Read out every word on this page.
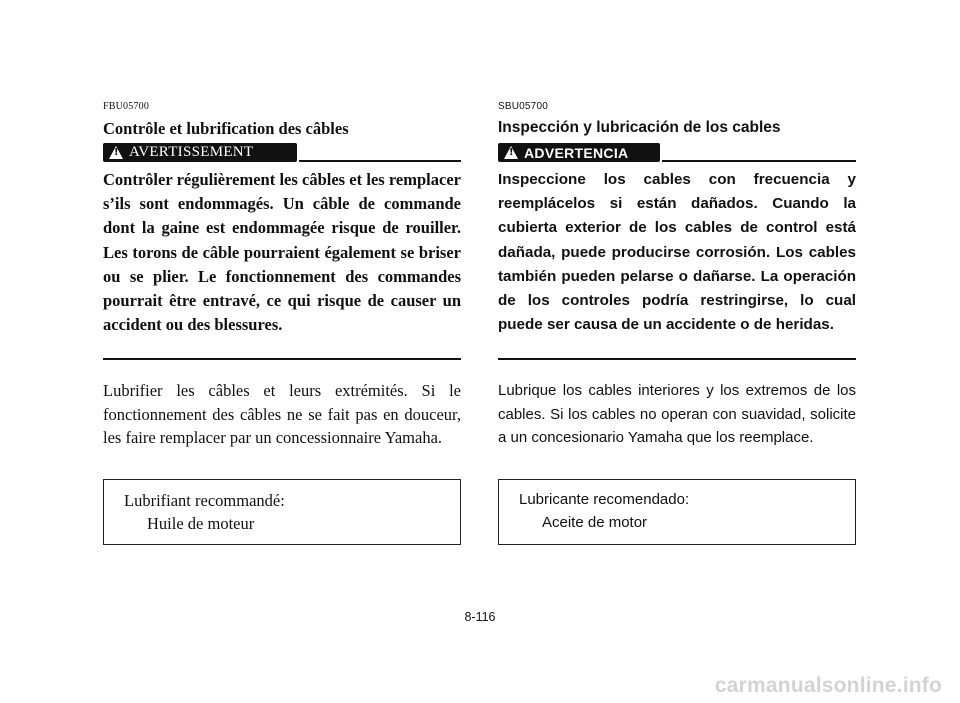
FBU05700
Contrôle et lubrification des câbles
! AVERTISSEMENT

Contrôler régulièrement les câbles et les remplacer s’ils sont endommagés. Un câble de commande dont la gaine est endommagée risque de rouiller. Les torons de câble pourraient également se briser ou se plier. Le fonctionnement des commandes pourrait être entravé, ce qui risque de causer un accident ou des blessures.

Lubrifier les câbles et leurs extrémités. Si le fonctionnement des câbles ne se fait pas en douceur, les faire remplacer par un concessionnaire Yamaha.

Lubrifiant recommandé:
Huile de moteur
SBU05700
Inspección y lubricación de los cables
! ADVERTENCIA

Inspeccione los cables con frecuencia y reemplácelos si están dañados. Cuando la cubierta exterior de los cables de control está dañada, puede producirse corrosión. Los cables también pueden pelarse o dañarse. La operación de los controles podría restringirse, lo cual puede ser causa de un accidente o de heridas.

Lubrique los cables interiores y los extremos de los cables. Si los cables no operan con suavidad, solicite a un concesionario Yamaha que los reemplace.

Lubricante recomendado:
Aceite de motor
8-116
carmanualsonline.info
